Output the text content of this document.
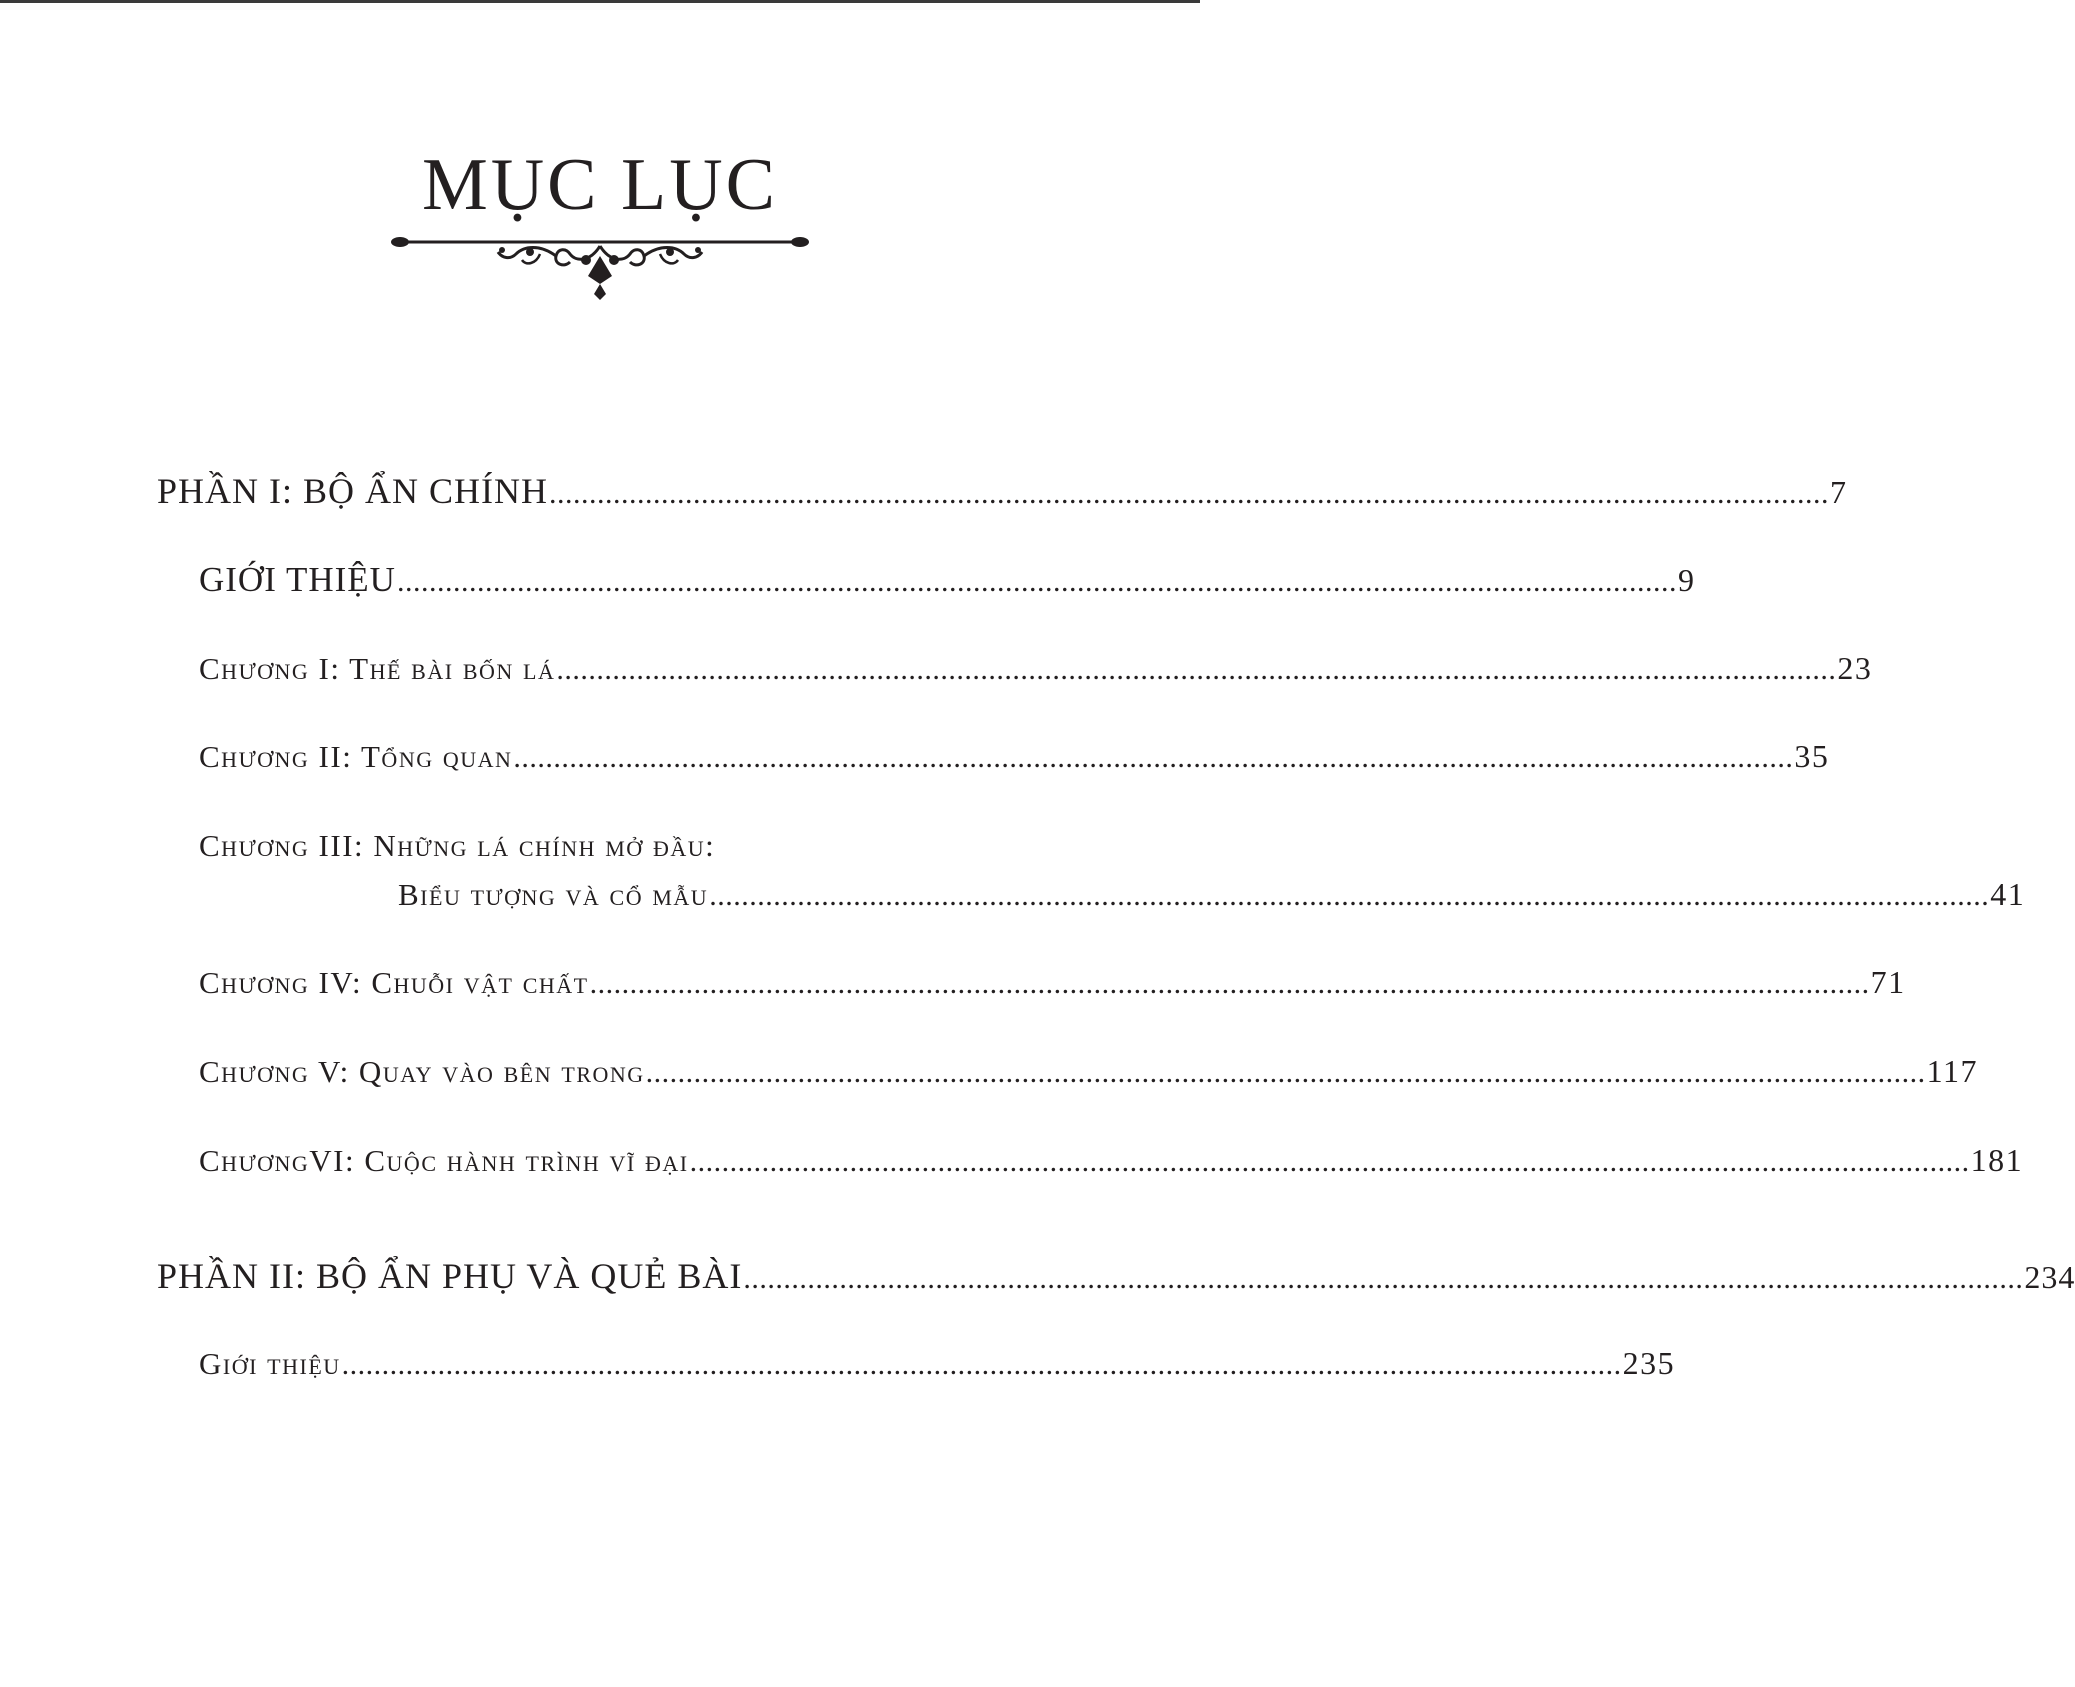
MỤC LỤC
PHẦN I: BỘ ẨN CHÍNH ................................................................................................................................................................ 7
GIỚI THIỆU ................................................................................................................................................................ 9
Chương I: Thế bài bốn lá ................................................................................................................................................................ 23
Chương II: Tổng quan ................................................................................................................................................................ 35
Chương III: Những lá chính mở đầu:
Biểu tượng và cổ mẫu ................................................................................................................................................................ 41
Chương IV: Chuỗi vật chất ................................................................................................................................................................ 71
Chương V: Quay vào bên trong ................................................................................................................................................................ 117
ChươngVI: Cuộc hành trình vĩ đại ................................................................................................................................................................ 181
PHẦN II: BỘ ẨN PHỤ VÀ QUẺ BÀI ................................................................................................................................................................ 234
Giới thiệu ................................................................................................................................................................ 235
